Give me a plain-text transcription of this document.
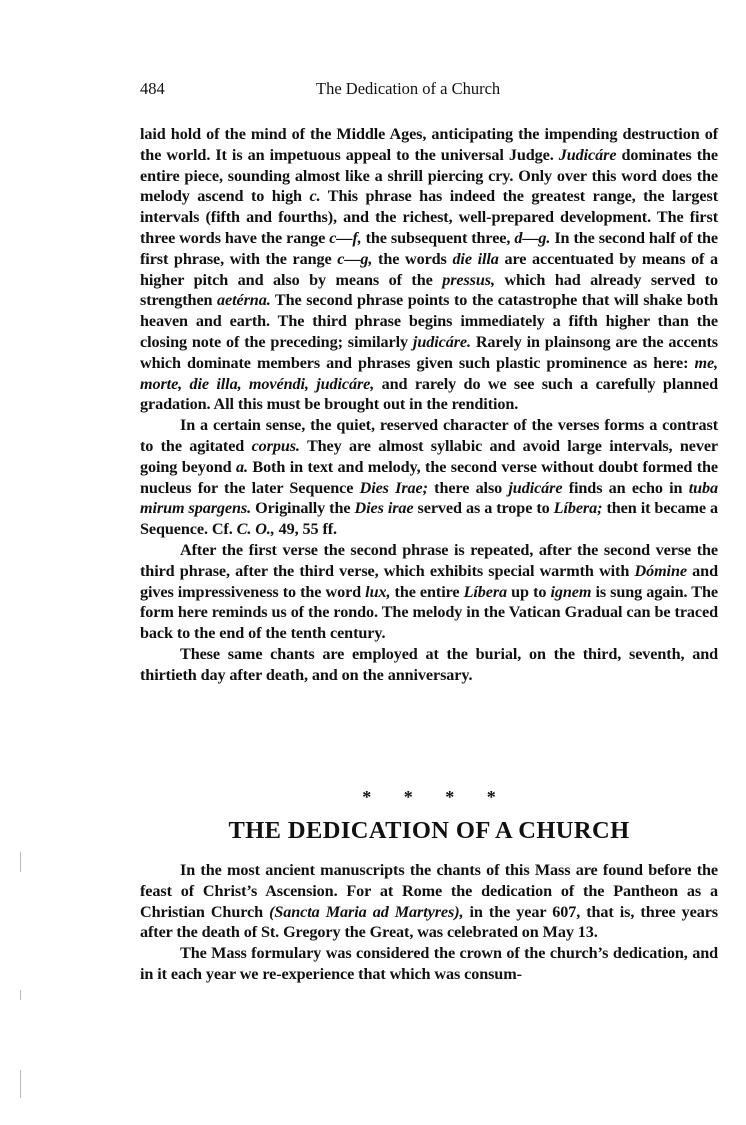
484	The Dedication of a Church

laid hold of the mind of the Middle Ages, anticipating the impending destruction of the world. It is an impetuous appeal to the universal Judge. Judicáre dominates the entire piece, sounding almost like a shrill piercing cry. Only over this word does the melody ascend to high c. This phrase has indeed the greatest range, the largest intervals (fifth and fourths), and the richest, well-prepared development. The first three words have the range c—f, the subsequent three, d—g. In the second half of the first phrase, with the range c—g, the words die illa are accentuated by means of a higher pitch and also by means of the pressus, which had already served to strengthen aetérna. The second phrase points to the catastrophe that will shake both heaven and earth. The third phrase begins immediately a fifth higher than the closing note of the preceding; similarly judicáre. Rarely in plainsong are the accents which dominate members and phrases given such plastic prominence as here: me, morte, die illa, movéndi, judicáre, and rarely do we see such a carefully planned gradation. All this must be brought out in the rendition.

In a certain sense, the quiet, reserved character of the verses forms a contrast to the agitated corpus. They are almost syllabic and avoid large intervals, never going beyond a. Both in text and melody, the second verse without doubt formed the nucleus for the later Sequence Dies Irae; there also judicáre finds an echo in tuba mirum spargens. Originally the Dies irae served as a trope to Líbera; then it became a Sequence. Cf. C. O., 49, 55 ff.

After the first verse the second phrase is repeated, after the second verse the third phrase, after the third verse, which exhibits special warmth with Dómine and gives impressiveness to the word lux, the entire Líbera up to ignem is sung again. The form here reminds us of the rondo. The melody in the Vatican Gradual can be traced back to the end of the tenth century.

These same chants are employed at the burial, on the third, seventh, and thirtieth day after death, and on the anniversary.

* * * *
THE DEDICATION OF A CHURCH

In the most ancient manuscripts the chants of this Mass are found before the feast of Christ’s Ascension. For at Rome the dedication of the Pantheon as a Christian Church (Sancta Maria ad Martyres), in the year 607, that is, three years after the death of St. Gregory the Great, was celebrated on May 13.

The Mass formulary was considered the crown of the church’s dedication, and in it each year we re-experience that which was consum-
